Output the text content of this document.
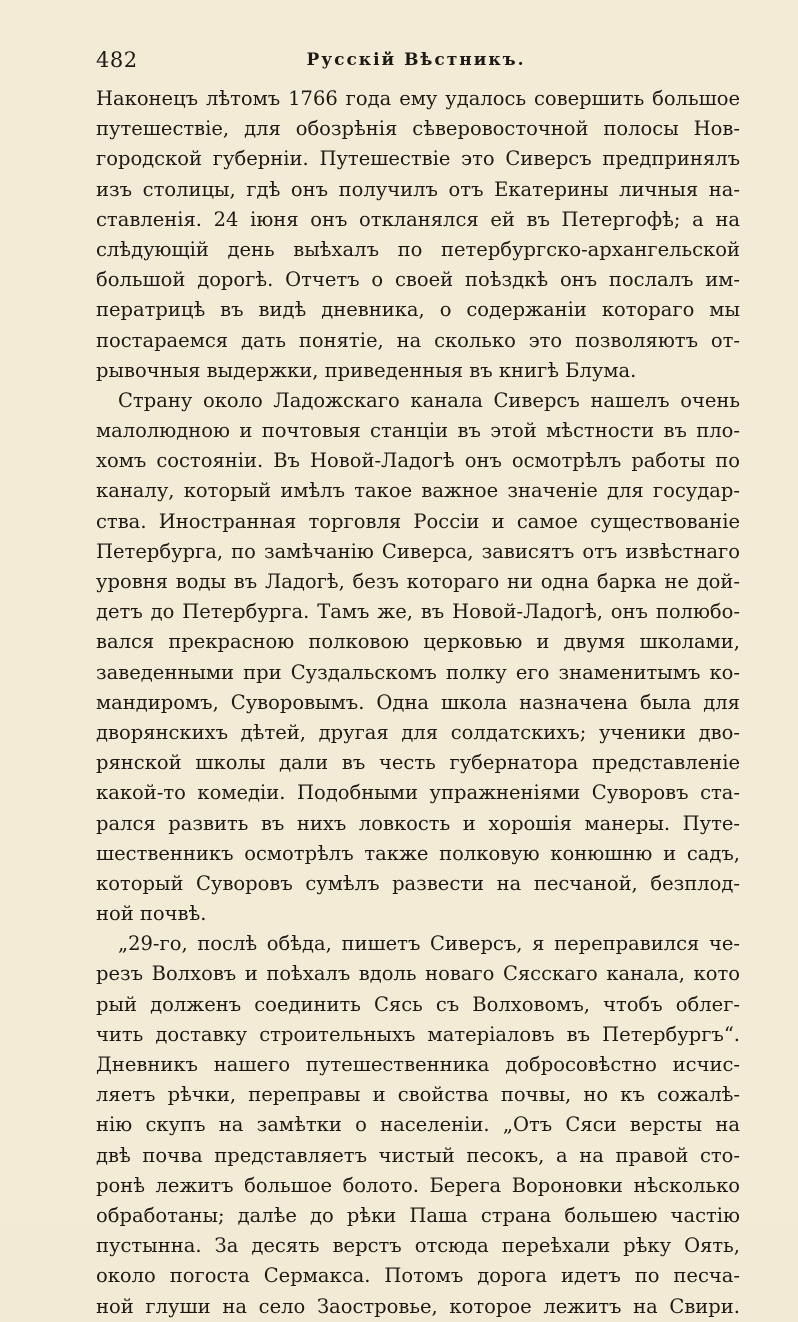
482	Русскій Вѣстникъ.
Наконецъ лѣтомъ 1766 года ему удалось совершить большое
путешествіе, для обозрѣнія сѣверовосточной полосы Нов-
городской губерніи. Путешествіе это Сиверсъ предпринялъ
изъ столицы, гдѣ онъ получилъ отъ Екатерины личныя на-
ставленія. 24 іюня онъ откланялся ей въ Петергофѣ; а на
слѣдующій день выѣхалъ по петербургско-архангельской
большой дорогѣ. Отчетъ о своей поѣздкѣ онъ послалъ им-
ператрицѣ въ видѣ дневника, о содержаніи котораго мы
постараемся дать понятіе, на сколько это позволяютъ от-
рывочныя выдержки, приведенныя въ книгѣ Блума.
Страну около Ладожскаго канала Сиверсъ нашелъ очень
малолюдною и почтовыя станціи въ этой мѣстности въ пло-
хомъ состояніи. Въ Новой-Ладогѣ онъ осмотрѣлъ работы по
каналу, который имѣлъ такое важное значеніе для государ-
ства. Иностранная торговля Россіи и самое существованіе
Петербурга, по замѣчанію Сиверса, зависятъ отъ извѣстнаго
уровня воды въ Ладогѣ, безъ котораго ни одна барка не дой-
детъ до Петербурга. Тамъ же, въ Новой-Ладогѣ, онъ полюбо-
вался прекрасною полковою церковью и двумя школами,
заведенными при Суздальскомъ полку его знаменитымъ ко-
мандиромъ, Суворовымъ. Одна школа назначена была для
дворянскихъ дѣтей, другая для солдатскихъ; ученики дво-
рянской школы дали въ честь губернатора представленіе
какой-то комедіи. Подобными упражненіями Суворовъ ста-
рался развить въ нихъ ловкость и хорошія манеры. Путе-
шественникъ осмотрѣлъ также полковую конюшню и садъ,
который Суворовъ сумѣлъ развести на песчаной, безплод-
ной почвѣ.
„29-го, послѣ обѣда, пишетъ Сиверсъ, я переправился че-
резъ Волховъ и поѣхалъ вдоль новаго Сясскаго канала, кото
рый долженъ соединить Сясь съ Волховомъ, чтобъ облег-
чить доставку строительныхъ матеріаловъ въ Петербургъ“.
Дневникъ нашего путешественника добросовѣстно исчис-
ляетъ рѣчки, переправы и свойства почвы, но къ сожалѣ-
нію скупъ на замѣтки о населеніи. „Отъ Сяси версты на
двѣ почва представляетъ чистый песокъ, а на правой сто-
ронѣ лежитъ большое болото. Берега Вороновки нѣсколько
обработаны; далѣе до рѣки Паша страна большею частію
пустынна. За десять верстъ отсюда переѣхали рѣку Оять,
около погоста Сермакса. Потомъ дорога идетъ по песча-
ной глуши на село Заострoвье, которое лежитъ на Свири.
